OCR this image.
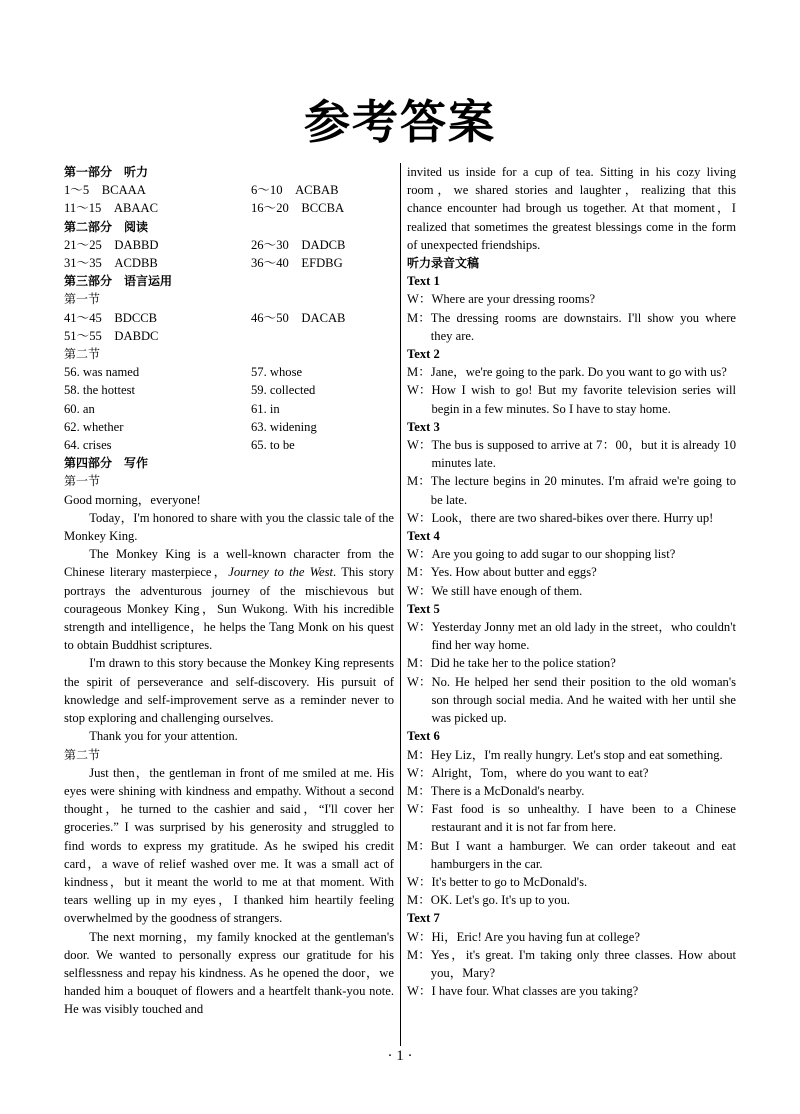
参考答案
第一部分　听力
1～5　BCAAA	6～10　ACBAB
11～15　ABAAC	16～20　BCCBA
第二部分　阅读
21～25　DABBD	26～30　DADCB
31～35　ACDBB	36～40　EFDBG
第三部分　语言运用
第一节
41～45　BDCCB	46～50　DACAB
51～55　DABDC
第二节
56. was named	57. whose
58. the hottest	59. collected
60. an	61. in
62. whether	63. widening
64. crises	65. to be
第四部分　写作
第一节
Good morning，everyone!
Today，I'm honored to share with you the classic tale of the Monkey King.
The Monkey King is a well-known character from the Chinese literary masterpiece，Journey to the West. This story portrays the adventurous journey of the mischievous but courageous Monkey King，Sun Wukong. With his incredible strength and intelligence，he helps the Tang Monk on his quest to obtain Buddhist scriptures.
I'm drawn to this story because the Monkey King represents the spirit of perseverance and self-discovery. His pursuit of knowledge and self-improvement serve as a reminder never to stop exploring and challenging ourselves.
Thank you for your attention.
第二节
Just then，the gentleman in front of me smiled at me. His eyes were shining with kindness and empathy. Without a second thought，he turned to the cashier and said，“I'll cover her groceries.” I was surprised by his generosity and struggled to find words to express my gratitude. As he swiped his credit card，a wave of relief washed over me. It was a small act of kindness，but it meant the world to me at that moment. With tears welling up in my eyes，I thanked him heartily feeling overwhelmed by the goodness of strangers.
The next morning，my family knocked at the gentleman's door. We wanted to personally express our gratitude for his selflessness and repay his kindness. As he opened the door，we handed him a bouquet of flowers and a heartfelt thank-you note. He was visibly touched and
invited us inside for a cup of tea. Sitting in his cozy living room，we shared stories and laughter，realizing that this chance encounter had brough us together. At that moment，I realized that sometimes the greatest blessings come in the form of unexpected friendships.
听力录音文稿
Text 1
W： Where are your dressing rooms?
M： The dressing rooms are downstairs. I'll show you where they are.
Text 2
M： Jane，we're going to the park. Do you want to go with us?
W： How I wish to go! But my favorite television series will begin in a few minutes. So I have to stay home.
Text 3
W： The bus is supposed to arrive at 7：00，but it is already 10 minutes late.
M： The lecture begins in 20 minutes. I'm afraid we're going to be late.
W： Look，there are two shared-bikes over there. Hurry up!
Text 4
W： Are you going to add sugar to our shopping list?
M： Yes. How about butter and eggs?
W： We still have enough of them.
Text 5
W： Yesterday Jonny met an old lady in the street，who couldn't find her way home.
M： Did he take her to the police station?
W： No. He helped her send their position to the old woman's son through social media. And he waited with her until she was picked up.
Text 6
M： Hey Liz，I'm really hungry. Let's stop and eat something.
W： Alright，Tom，where do you want to eat?
M： There is a McDonald's nearby.
W： Fast food is so unhealthy. I have been to a Chinese restaurant and it is not far from here.
M： But I want a hamburger. We can order takeout and eat hamburgers in the car.
W： It's better to go to McDonald's.
M： OK. Let's go. It's up to you.
Text 7
W： Hi，Eric! Are you having fun at college?
M： Yes，it's great. I'm taking only three classes. How about you，Mary?
W： I have four. What classes are you taking?
· 1 ·
